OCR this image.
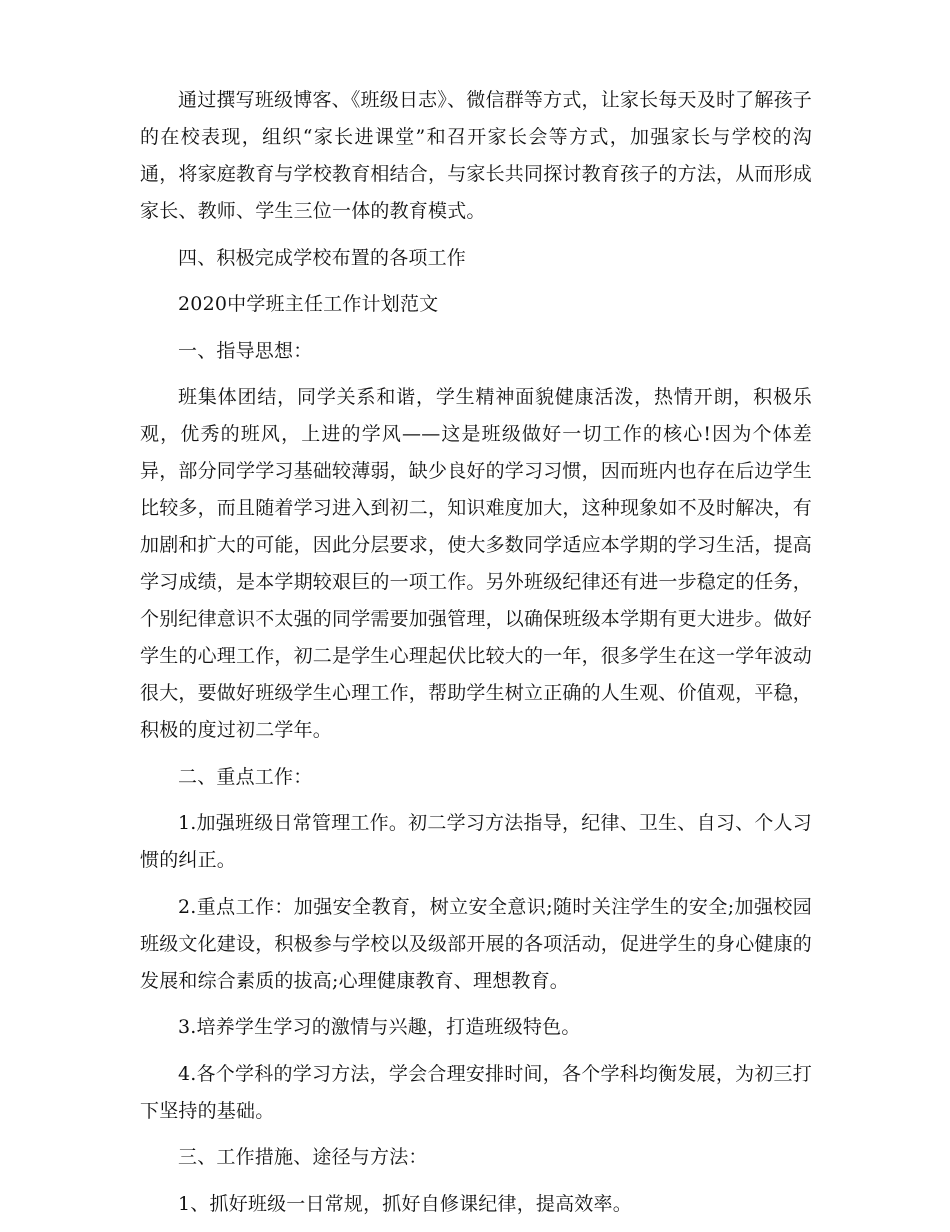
通过撰写班级博客、《班级日志》、微信群等方式，让家长每天及时了解孩子的在校表现，组织“家长进课堂”和召开家长会等方式，加强家长与学校的沟通，将家庭教育与学校教育相结合，与家长共同探讨教育孩子的方法，从而形成家长、教师、学生三位一体的教育模式。

四、积极完成学校布置的各项工作

2020中学班主任工作计划范文

一、指导思想：

班集体团结，同学关系和谐，学生精神面貌健康活泼，热情开朗，积极乐观，优秀的班风，上进的学风——这是班级做好一切工作的核心!因为个体差异，部分同学学习基础较薄弱，缺少良好的学习习惯，因而班内也存在后边学生比较多，而且随着学习进入到初二，知识难度加大，这种现象如不及时解决，有加剧和扩大的可能，因此分层要求，使大多数同学适应本学期的学习生活，提高学习成绩，是本学期较艰巨的一项工作。另外班级纪律还有进一步稳定的任务，个别纪律意识不太强的同学需要加强管理，以确保班级本学期有更大进步。做好学生的心理工作，初二是学生心理起伏比较大的一年，很多学生在这一学年波动很大，要做好班级学生心理工作，帮助学生树立正确的人生观、价值观，平稳，积极的度过初二学年。

二、重点工作：

1.加强班级日常管理工作。初二学习方法指导，纪律、卫生、自习、个人习惯的纠正。

2.重点工作：加强安全教育，树立安全意识;随时关注学生的安全;加强校园班级文化建设，积极参与学校以及级部开展的各项活动，促进学生的身心健康的发展和综合素质的拔高;心理健康教育、理想教育。

3.培养学生学习的激情与兴趣，打造班级特色。

4.各个学科的学习方法，学会合理安排时间，各个学科均衡发展，为初三打下坚持的基础。

三、工作措施、途径与方法：

1、抓好班级一日常规，抓好自修课纪律，提高效率。
